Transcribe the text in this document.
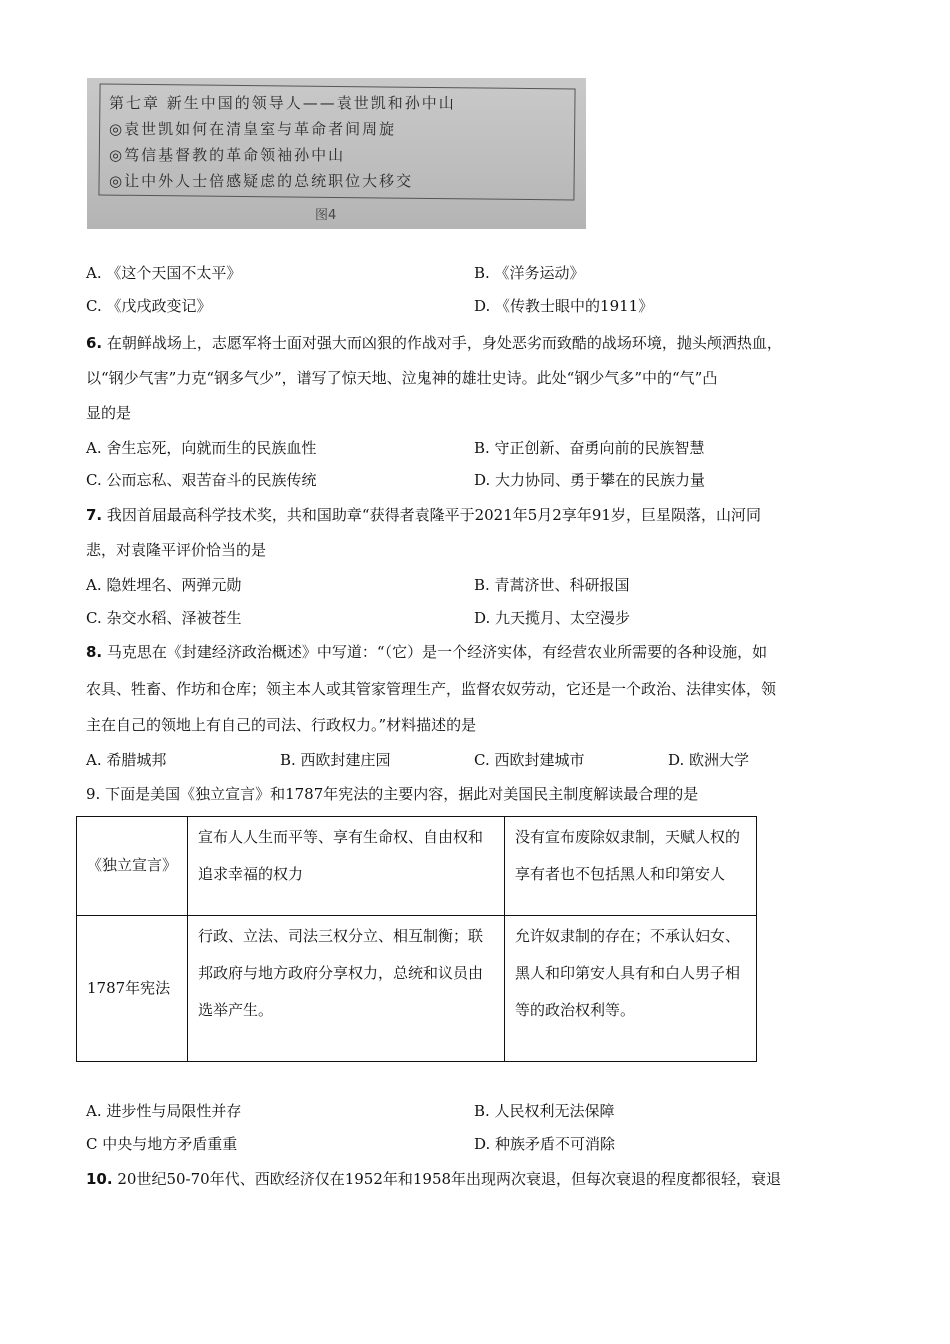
第七章 新生中国的领导人——袁世凯和孙中山
◎袁世凯如何在清皇室与革命者间周旋
◎笃信基督教的革命领袖孙中山
◎让中外人士倍感疑虑的总统职位大移交
图4
A. 《这个天国不太平》	B. 《洋务运动》
C. 《戊戌政变记》	D. 《传教士眼中的1911》
6. 在朝鲜战场上，志愿军将士面对强大而凶狠的作战对手，身处恶劣而致酷的战场环境，抛头颅洒热血，
以“钢少气害”力克“钢多气少”，谱写了惊天地、泣鬼神的雄壮史诗。此处“钢少气多”中的“气”凸
显的是
A. 舍生忘死，向就而生的民族血性	B. 守正创新、奋勇向前的民族智慧
C. 公而忘私、艰苦奋斗的民族传统	D. 大力协同、勇于攀在的民族力量
7. 我因首届最高科学技术奖，共和国助章“获得者袁隆平于2021年5月2享年91岁，巨星陨落，山河同
悲，对袁隆平评价恰当的是
A. 隐姓埋名、两弹元勋	B. 青蒿济世、科研报国
C. 杂交水稻、泽被苍生	D. 九天揽月、太空漫步
8. 马克思在《封建经济政治概述》中写道：“（它）是一个经济实体，有经营农业所需要的各种设施，如
农具、牲畜、作坊和仓库；领主本人或其管家管理生产，监督农奴劳动，它还是一个政治、法律实体，领
主在自己的领地上有自己的司法、行政权力。”材料描述的是
A. 希腊城邦	B. 西欧封建庄园	C. 西欧封建城市	D. 欧洲大学
9. 下面是美国《独立宣言》和1787年宪法的主要内容，据此对美国民主制度解读最合理的是
《独立宣言》	宣布人人生而平等、享有生命权、自由权和追求幸福的权力	没有宣布废除奴隶制，天赋人权的享有者也不包括黑人和印第安人
1787年宪法	行政、立法、司法三权分立、相互制衡；联邦政府与地方政府分享权力，总统和议员由选举产生。	允许奴隶制的存在；不承认妇女、黑人和印第安人具有和白人男子相等的政治权利等。
A. 进步性与局限性并存	B. 人民权利无法保障
C 中央与地方矛盾重重	D. 种族矛盾不可消除
10. 20世纪50-70年代、西欧经济仅在1952年和1958年出现两次衰退，但每次衰退的程度都很轻，衰退
